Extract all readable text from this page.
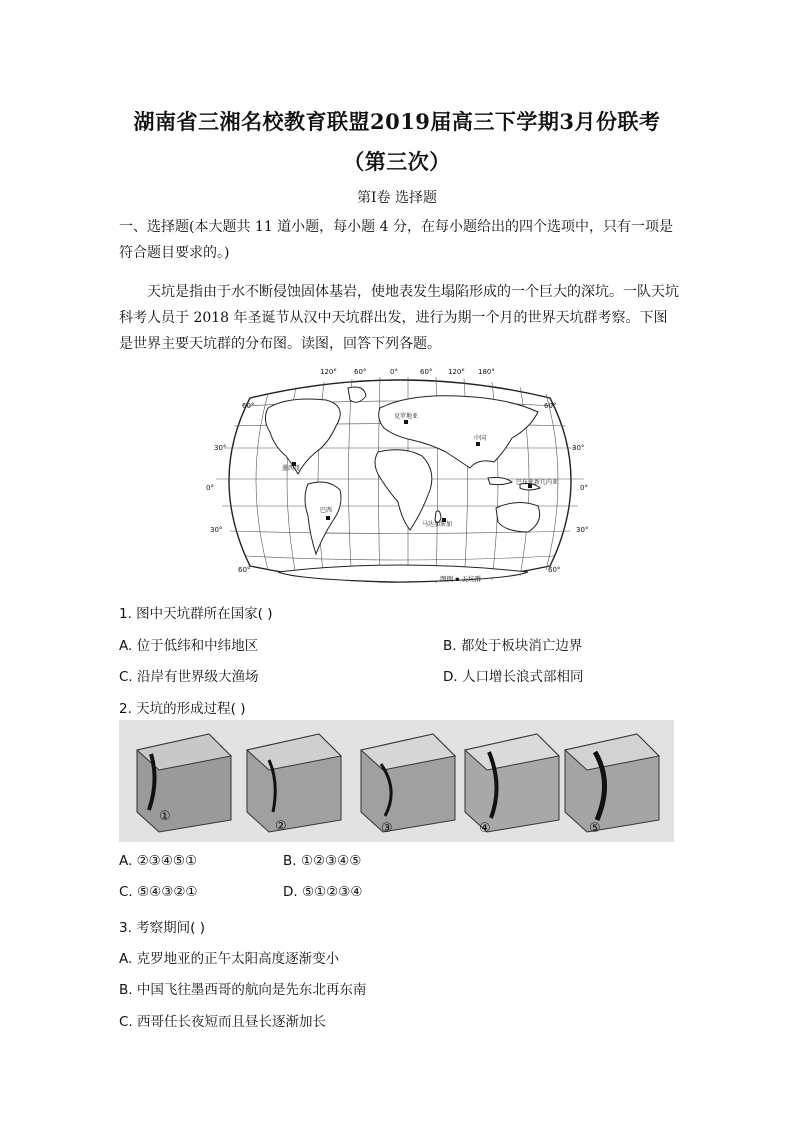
湖南省三湘名校教育联盟2019届高三下学期3月份联考
（第三次）
第Ⅰ卷 选择题
一、选择题(本大题共 11 道小题，每小题 4 分，在每小题给出的四个选项中，只有一项是符合题目要求的。)
天坑是指由于水不断侵蚀固体基岩，使地表发生塌陷形成的一个巨大的深坑。一队天坑科考人员于 2018 年圣诞节从汉中天坑群出发，进行为期一个月的世界天坑群考察。下图是世界主要天坑群的分布图。读图，回答下列各题。
120° 60°	0°	60° 120° 180°
60°
30°
0°
30°
60°
60°
30°
0°
30°
60°
克罗地亚
中国
巴布亚新几内亚
马达加斯加
墨西哥
巴西
图例 ▪ 天坑群
1. 图中天坑群所在国家( )
A. 位于低纬和中纬地区	B. 都处于板块消亡边界
C. 沿岸有世界级大渔场	D. 人口增长浪式部相同
2. 天坑的形成过程( )
①
②	③	④	⑤
A. ②③④⑤①	B. ①②③④⑤
C. ⑤④③②①	D. ⑤①②③④
3. 考察期间( )
A. 克罗地亚的正午太阳高度逐渐变小
B. 中国飞往墨西哥的航向是先东北再东南
C. 西哥任长夜短而且昼长逐渐加长
